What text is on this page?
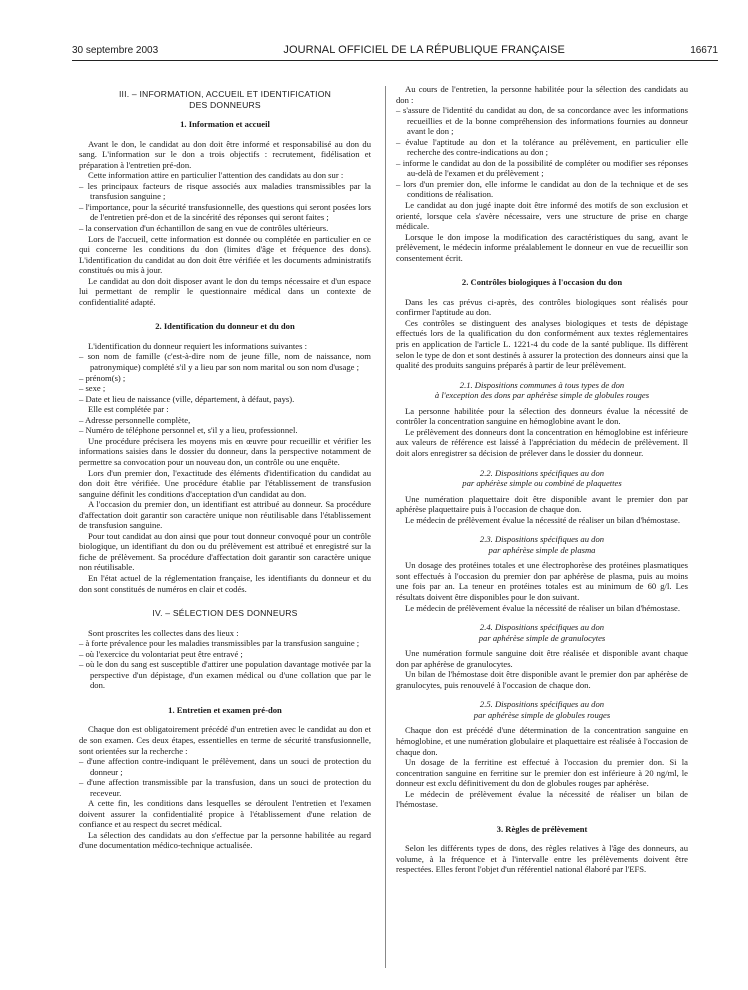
30 septembre 2003	JOURNAL OFFICIEL DE LA RÉPUBLIQUE FRANÇAISE	16671
III. – INFORMATION, ACCUEIL ET IDENTIFICATION
DES DONNEURS
1. Information et accueil

Avant le don, le candidat au don doit être informé et responsabilisé au don du sang. L'information sur le don a trois objectifs : recrutement, fidélisation et préparation à l'entretien pré-don.

Cette information attire en particulier l'attention des candidats au don sur :

– les principaux facteurs de risque associés aux maladies transmissibles par la transfusion sanguine ;
– l'importance, pour la sécurité transfusionnelle, des questions qui seront posées lors de l'entretien pré-don et de la sincérité des réponses qui seront faites ;
– la conservation d'un échantillon de sang en vue de contrôles ultérieurs.

Lors de l'accueil, cette information est donnée ou complétée en particulier en ce qui concerne les conditions du don (limites d'âge et fréquence des dons). L'identification du candidat au don doit être vérifiée et les documents administratifs constitués ou mis à jour.

Le candidat au don doit disposer avant le don du temps nécessaire et d'un espace lui permettant de remplir le questionnaire médical dans un contexte de confidentialité adapté.

2. Identification du donneur et du don

L'identification du donneur requiert les informations suivantes :

– son nom de famille (c'est-à-dire nom de jeune fille, nom de naissance, nom patronymique) complété s'il y a lieu par son nom marital ou son nom d'usage ;
– prénom(s) ;
– sexe ;
– Date et lieu de naissance (ville, département, à défaut, pays).

Elle est complétée par :

– Adresse personnelle complète,
– Numéro de téléphone personnel et, s'il y a lieu, professionnel.

Une procédure précisera les moyens mis en œuvre pour recueillir et vérifier les informations saisies dans le dossier du donneur, dans la perspective notamment de permettre sa convocation pour un nouveau don, un contrôle ou une enquête.

Lors d'un premier don, l'exactitude des éléments d'identification du candidat au don doit être vérifiée. Une procédure établie par l'établissement de transfusion sanguine définit les conditions d'acceptation d'un candidat au don.

A l'occasion du premier don, un identifiant est attribué au donneur. Sa procédure d'affectation doit garantir son caractère unique non réutilisable dans l'établissement de transfusion sanguine.

Pour tout candidat au don ainsi que pour tout donneur convoqué pour un contrôle biologique, un identifiant du don ou du prélèvement est attribué et enregistré sur la fiche de prélèvement. Sa procédure d'affectation doit garantir son caractère unique non réutilisable.

En l'état actuel de la réglementation française, les identifiants du donneur et du don sont constitués de numéros en clair et codés.

IV. – SÉLECTION DES DONNEURS

Sont proscrites les collectes dans des lieux :

– à forte prévalence pour les maladies transmissibles par la transfusion sanguine ;
– où l'exercice du volontariat peut être entravé ;
– où le don du sang est susceptible d'attirer une population davantage motivée par la perspective d'un dépistage, d'un examen médical ou d'une collation que par le don.
1. Entretien et examen pré-don

Chaque don est obligatoirement précédé d'un entretien avec le candidat au don et de son examen. Ces deux étapes, essentielles en terme de sécurité transfusionnelle, sont orientées sur la recherche :

– d'une affection contre-indiquant le prélèvement, dans un souci de protection du donneur ;
– d'une affection transmissible par la transfusion, dans un souci de protection du receveur.

A cette fin, les conditions dans lesquelles se déroulent l'entretien et l'examen doivent assurer la confidentialité propice à l'établissement d'une relation de confiance et au respect du secret médical.

La sélection des candidats au don s'effectue par la personne habilitée au regard d'une documentation médico-technique actualisée.

Au cours de l'entretien, la personne habilitée pour la sélection des candidats au don :

– s'assure de l'identité du candidat au don, de sa concordance avec les informations recueillies et de la bonne compréhension des informations fournies au donneur avant le don ;
– évalue l'aptitude au don et la tolérance au prélèvement, en particulier elle recherche des contre-indications au don ;
– informe le candidat au don de la possibilité de compléter ou modifier ses réponses au-delà de l'examen et du prélèvement ;
– lors d'un premier don, elle informe le candidat au don de la technique et de ses conditions de réalisation.

Le candidat au don jugé inapte doit être informé des motifs de son exclusion et orienté, lorsque cela s'avère nécessaire, vers une structure de prise en charge médicale.

Lorsque le don impose la modification des caractéristiques du sang, avant le prélèvement, le médecin informe préalablement le donneur en vue de recueillir son consentement écrit.

2. Contrôles biologiques à l'occasion du don

Dans les cas prévus ci-après, des contrôles biologiques sont réalisés pour confirmer l'aptitude au don.

Ces contrôles se distinguent des analyses biologiques et tests de dépistage effectués lors de la qualification du don conformément aux textes réglementaires pris en application de l'article L. 1221-4 du code de la santé publique. Ils diffèrent selon le type de don et sont destinés à assurer la protection des donneurs ainsi que la qualité des produits sanguins préparés à partir de leur prélèvement.

2.1. Dispositions communes à tous types de don
à l'exception des dons par aphérèse simple de globules rouges

La personne habilitée pour la sélection des donneurs évalue la nécessité de contrôler la concentration sanguine en hémoglobine avant le don.

Le prélèvement des donneurs dont la concentration en hémoglobine est inférieure aux valeurs de référence est laissé à l'appréciation du médecin de prélèvement. Il doit alors enregistrer sa décision de prélever dans le dossier du donneur.

2.2. Dispositions spécifiques au don
par aphérèse simple ou combiné de plaquettes

Une numération plaquettaire doit être disponible avant le premier don par aphérèse plaquettaire puis à l'occasion de chaque don.

Le médecin de prélèvement évalue la nécessité de réaliser un bilan d'hémostase.

2.3. Dispositions spécifiques au don
par aphérèse simple de plasma

Un dosage des protéines totales et une électrophorèse des protéines plasmatiques sont effectués à l'occasion du premier don par aphérèse de plasma, puis au moins une fois par an. La teneur en protéines totales est au minimum de 60 g/l. Les résultats doivent être disponibles pour le don suivant.

Le médecin de prélèvement évalue la nécessité de réaliser un bilan d'hémostase.

2.4. Dispositions spécifiques au don
par aphérèse simple de granulocytes

Une numération formule sanguine doit être réalisée et disponible avant chaque don par aphérèse de granulocytes.

Un bilan de l'hémostase doit être disponible avant le premier don par aphérèse de granulocytes, puis renouvelé à l'occasion de chaque don.

2.5. Dispositions spécifiques au don
par aphérèse simple de globules rouges

Chaque don est précédé d'une détermination de la concentration sanguine en hémoglobine, et une numération globulaire et plaquettaire est réalisée à l'occasion de chaque don.

Un dosage de la ferritine est effectué à l'occasion du premier don. Si la concentration sanguine en ferritine sur le premier don est inférieure à 20 ng/ml, le donneur est exclu définitivement du don de globules rouges par aphérèse.

Le médecin de prélèvement évalue la nécessité de réaliser un bilan de l'hémostase.

3. Règles de prélèvement

Selon les différents types de dons, des règles relatives à l'âge des donneurs, au volume, à la fréquence et à l'intervalle entre les prélèvements doivent être respectées. Elles feront l'objet d'un référentiel national élaboré par l'EFS.
